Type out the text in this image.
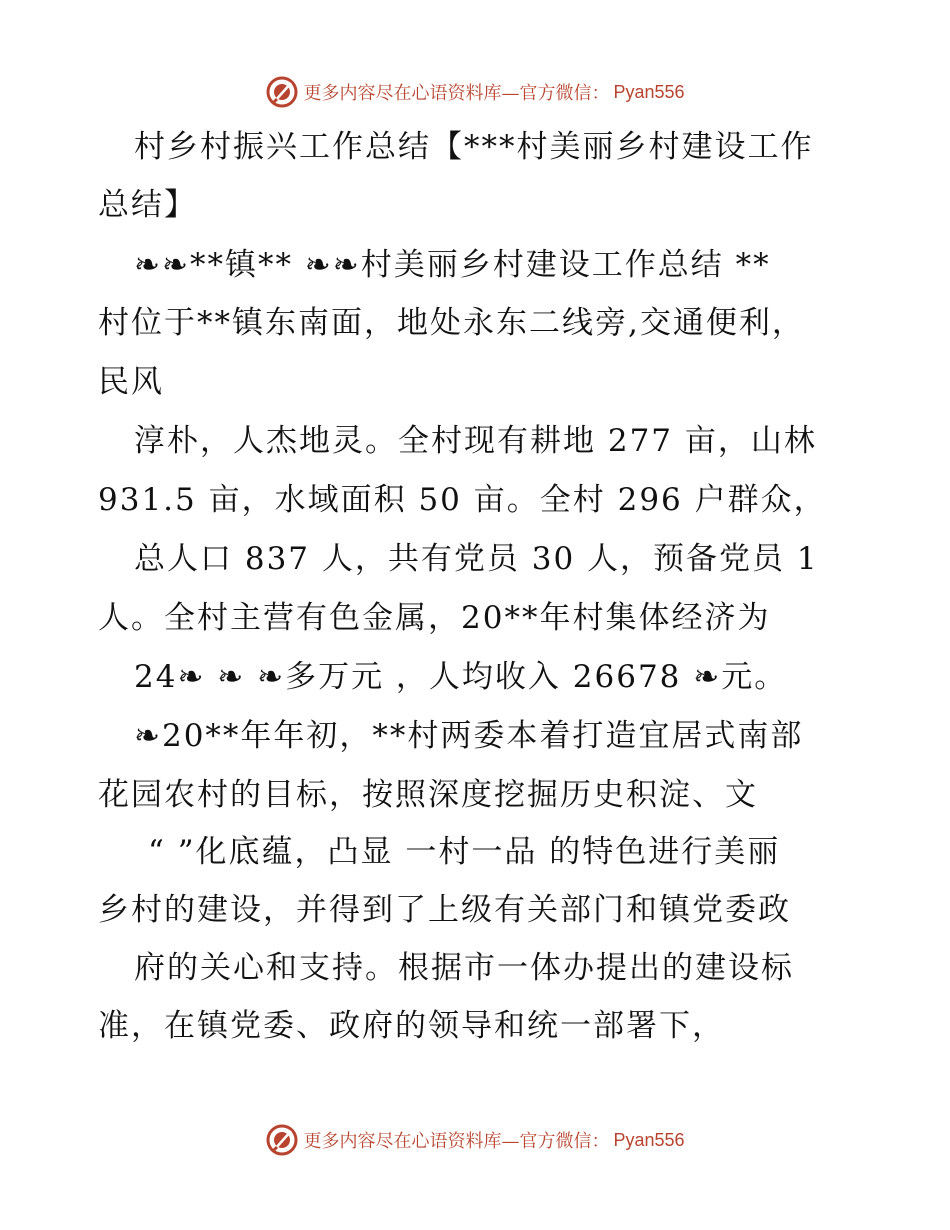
更多内容尽在心语资料库—官方微信： Pyan556
村乡村振兴工作总结【***村美丽乡村建设工作
总结】
❧❧**镇** ❧❧村美丽乡村建设工作总结 **
村位于**镇东南面，地处永东二线旁,交通便利，
民风
淳朴，人杰地灵。全村现有耕地 277 亩，山林
931.5 亩，水域面积 50 亩。全村 296 户群众，
总人口 837 人，共有党员 30 人，预备党员 1
人。全村主营有色金属，20**年村集体经济为
24❧ ❧ ❧多万元 ，人均收入 26678 ❧元。
❧20**年年初，**村两委本着打造宜居式南部
花园农村的目标，按照深度挖掘历史积淀、文
“ ”化底蕴，凸显 一村一品 的特色进行美丽
乡村的建设，并得到了上级有关部门和镇党委政
府的关心和支持。根据市一体办提出的建设标
准，在镇党委、政府的领导和统一部署下，
更多内容尽在心语资料库—官方微信： Pyan556
